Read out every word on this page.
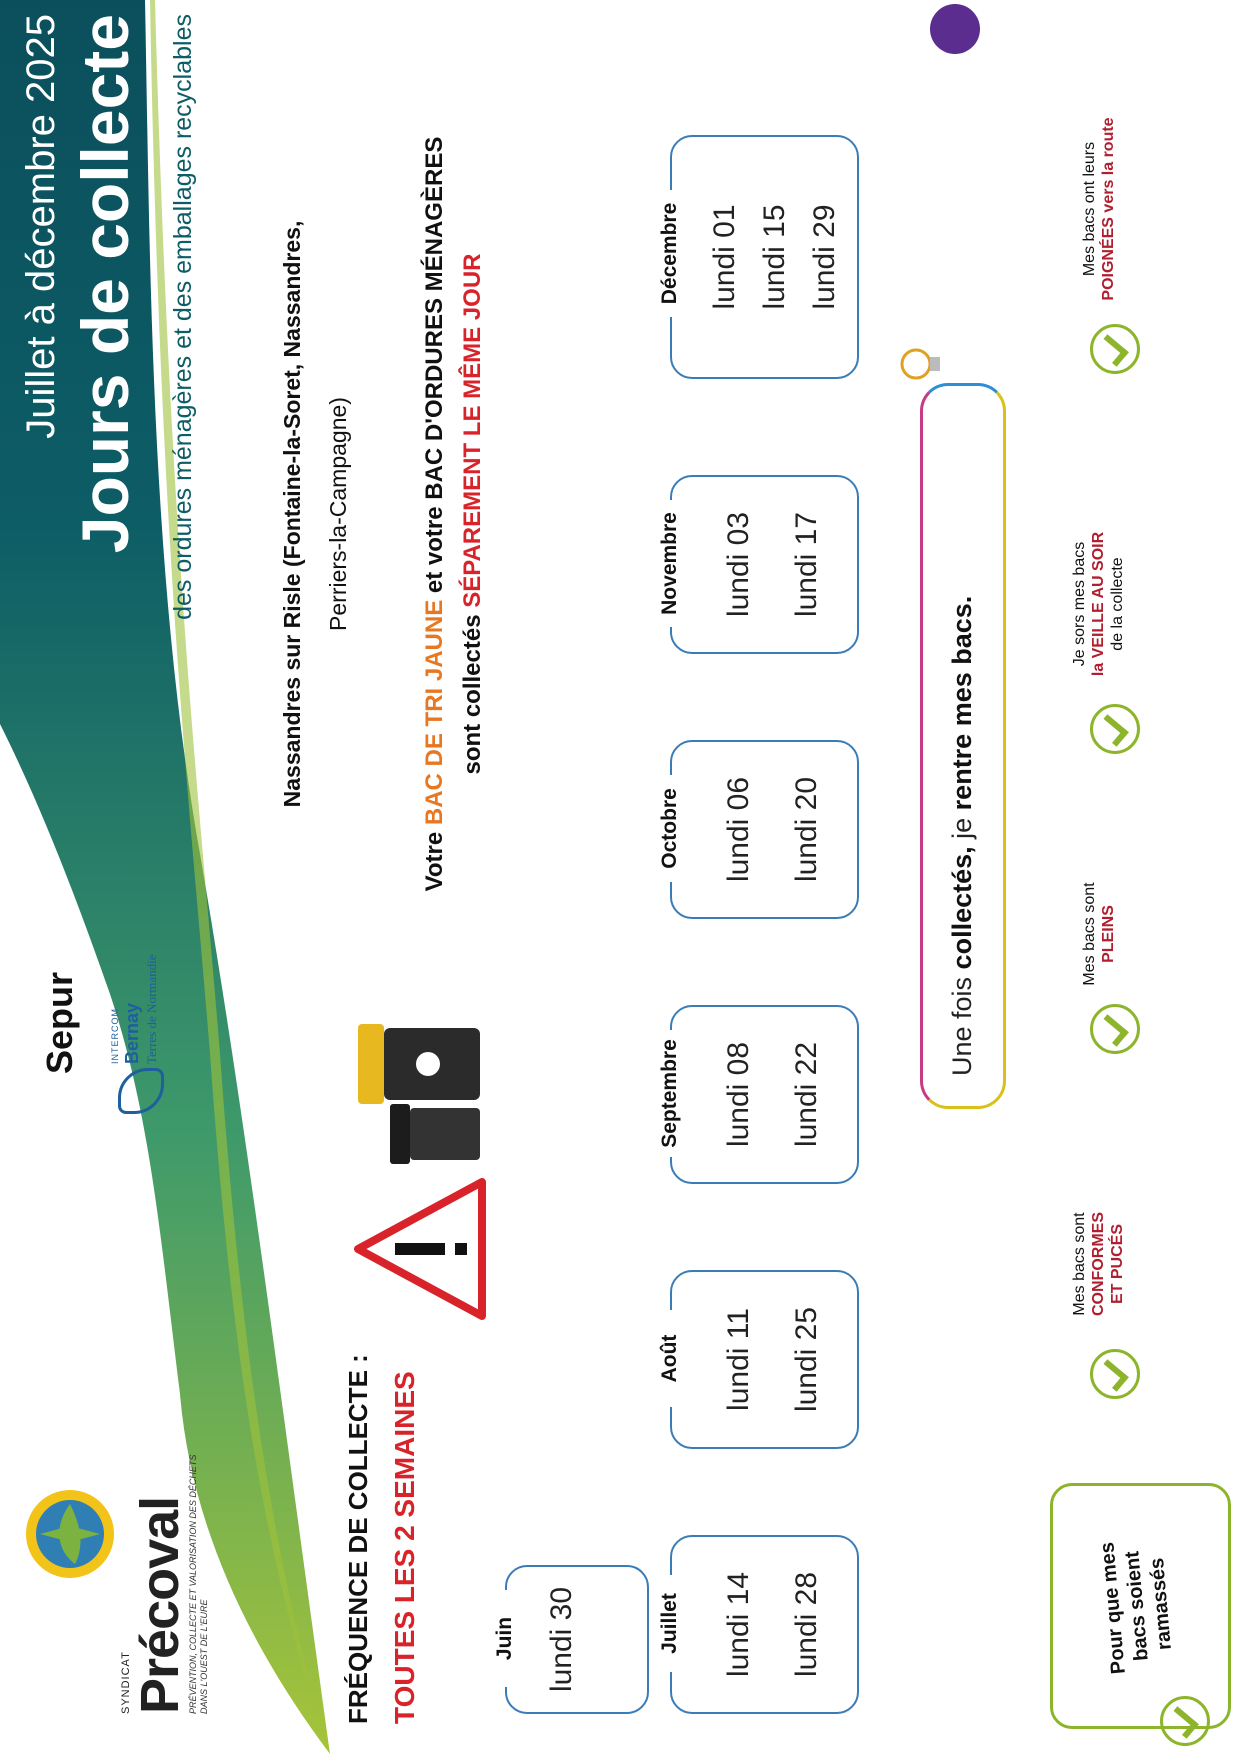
Juillet à décembre 2025 Jours de collecte des ordures ménagères et des emballages recyclables
SYNDICAT
Précoval
PRÉVENTION, COLLECTE ET VALORISATION DES DÉCHETS DANS L'OUEST DE L'EURE
Sepur	INTERCOM Bernay Terres de Normandie
FRÉQUENCE DE COLLECTE : TOUTES LES 2 SEMAINES
Nassandres sur Risle (Fontaine-la-Soret, Nassandres, Perriers-la-Campagne)
Votre BAC DE TRI JAUNE et votre BAC D'ORDURES MÉNAGÈRES
sont collectés SÉPAREMENT LE MÊME JOUR
Juin lundi 30	Juillet lundi 14 lundi 28
Août lundi 11 lundi 25
Septembre lundi 08 lundi 22
Octobre lundi 06 lundi 20
Novembre lundi 03 lundi 17
Décembre lundi 01 lundi 15 lundi 29
Une fois collectés, je rentre mes bacs.
Pour que mes bacs soient ramassés
Mes bacs sont CONFORMES ET PUCÉS
Mes bacs sont PLEINS
Je sors mes bacs la VEILLE AU SOIR de la collecte
Mes bacs ont leurs POIGNÉES vers la route
